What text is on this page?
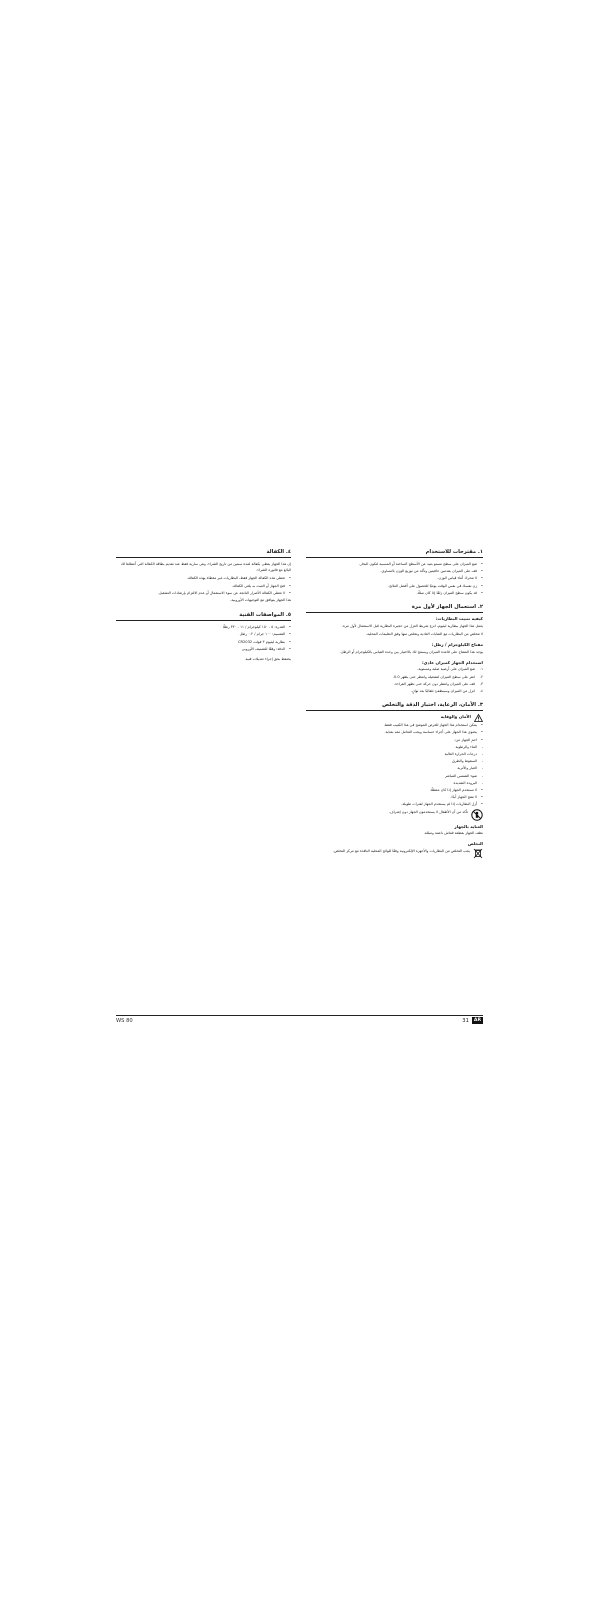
١. مقترحات للاستخدام
•
ضع الميزان على سطح مستو بعيد عن الأسطح الساخنة أو المسببة لتكون البخار.
•
قف على الميزان بقدمين حافيتين وتأكد من توزيع الوزن بالتساوي.
•
لا تتحرك أثناء قياس الوزن.
•
زن نفسك في نفس الوقت يوميًا للحصول على أفضل النتائج.
•
قد يكون سطح الميزان زلقًا إذا كان مبللًا.
٢. استعمال الجهاز لأول مرة
كيفية تثبيت البطاريات:

يعمل هذا الجهاز ببطارية ليثيوم، انزع شريط العزل من حجيرة البطارية قبل الاستعمال لأول مرة.

لا تتخلص من البطاريات مع النفايات العادية وتخلص منها وفق التعليمات المحلية.

مفتاح الكيلوجرام / رطل:

يوجد هذا المفتاح على قاعدة الميزان ويسمح لك بالاختيار بين وحدة القياس بالكيلوجرام أو الرطل.

استخدام الجهاز كميزان عادي:
١.
ضع الميزان على أرضية صلبة ومستوية.
٢.
انقر على سطح الميزان لتشغيله وانتظر حتى يظهر 0.0.
٣.
قف على الميزان وانتظر دون حركة حتى تظهر القراءة.
٤.
انزل من الميزان وسينطفئ تلقائيًا بعد ثوانٍ.
٣. الأمان، الرعاية، اختبار الدقة والتخلص
الأمان والوقاية
•
يمكن استخدام هذا الجهاز للغرض الموضح في هذا الكتيب فقط.
•
يحتوي هذا الجهاز على أجزاء حساسة ويجب التعامل معه بعناية.
•
احمِ الجهاز من:
-
الماء والرطوبة
-
درجات الحرارة العالية
-
السقوط والطرق
-
الغبار والأتربة
-
ضوء الشمس المباشر
-
البرودة الشديدة
•
لا تستخدم الجهاز إذا كان معطلًا.
•
لا تفتح الجهاز أبدًا.
•
أزل البطاريات إذا لم يستخدم الجهاز لفترات طويلة.
تأكد من أن الأطفال لا يستخدمون الجهاز دون إشراف.
العناية بالجهاز

نظف الجهاز بقطعة قماش ناعمة ومبللة.

التخلص
يجب التخلص من البطاريات والأجهزة الإلكترونية وفقًا للوائح المحلية النافذة مع مركز التخلص.
٤. الكفالة

إن هذا الجهاز يعطى بكفالة لمدة سنتين من تاريخ الشراء، وهي سارية فقط عند تقديم بطاقة الكفالة التي أعطاها لك البائع مع فاتورة الشراء.

•
تغطي هذه الكفالة الجهاز فقط، البطاريات غير مغطاة بهذه الكفالة.
•
فتح الجهاز أو العبث به يلغي الكفالة.
•
لا تغطي الكفالة الأضرار الناتجة عن سوء الاستعمال أو عدم الالتزام بإرشادات التشغيل.

هذا الجهاز يتوافق مع التوجيهات الأوروبية.

٥. المواصفات الفنية
•
القدرة: ٥ - ١٥٠ كيلوجرام / ١١ - ٣٣٠ رطلًا
•
التقسيم: ١٠٠ جرام / ٠.٢ رطل
•
بطارية ليثيوم ٣ فولت CR2032
•
الدقة: وفقًا للتصنيف الأوروبي

يحتفظ بحق إجراء تعديلات فنية.

WS 80	31	AR
